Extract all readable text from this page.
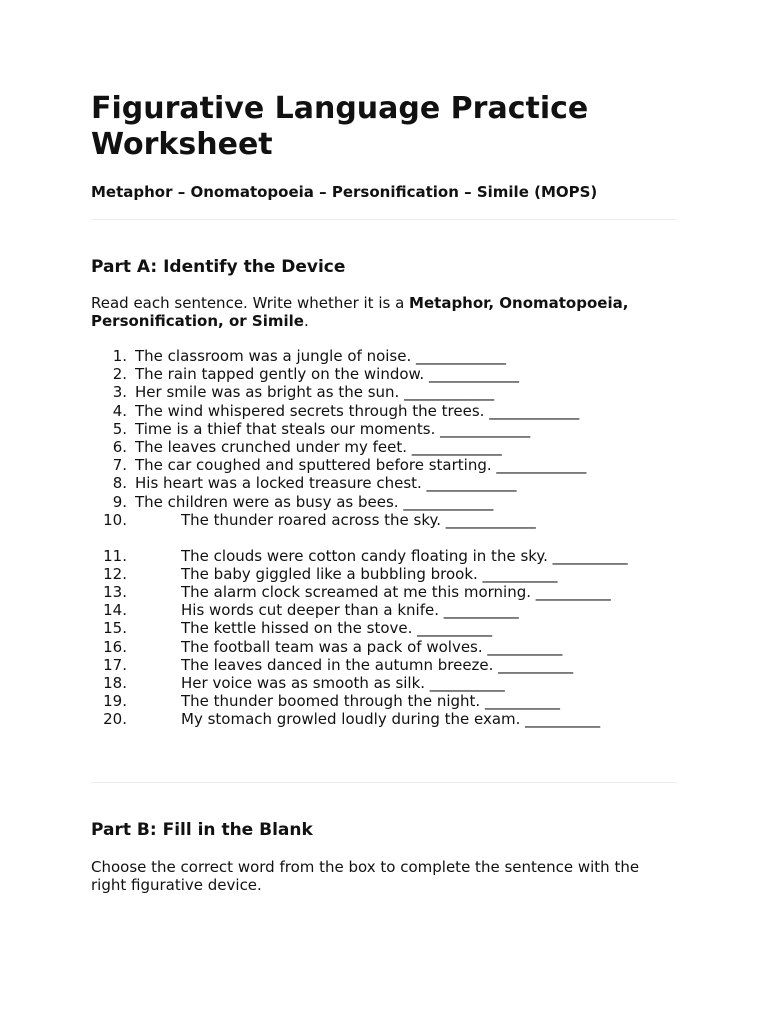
Figurative Language Practice Worksheet

Metaphor – Onomatopoeia – Personification – Simile (MOPS)

Part A: Identify the Device

Read each sentence. Write whether it is a Metaphor, Onomatopoeia, Personification, or Simile.

1. The classroom was a jungle of noise. ____________
2. The rain tapped gently on the window. ____________
3. Her smile was as bright as the sun. ____________
4. The wind whispered secrets through the trees. ____________
5. Time is a thief that steals our moments. ____________
6. The leaves crunched under my feet. ____________
7. The car coughed and sputtered before starting. ____________
8. His heart was a locked treasure chest. ____________
9. The children were as busy as bees. ____________
10.	The thunder roared across the sky. ____________
11.	The clouds were cotton candy floating in the sky. __________
12.	The baby giggled like a bubbling brook. __________
13.	The alarm clock screamed at me this morning. __________
14.	His words cut deeper than a knife. __________
15.	The kettle hissed on the stove. __________
16.	The football team was a pack of wolves. __________
17.	The leaves danced in the autumn breeze. __________
18.	Her voice was as smooth as silk. __________
19.	The thunder boomed through the night. __________
20.	My stomach growled loudly during the exam. __________
Part B: Fill in the Blank

Choose the correct word from the box to complete the sentence with the right figurative device.
